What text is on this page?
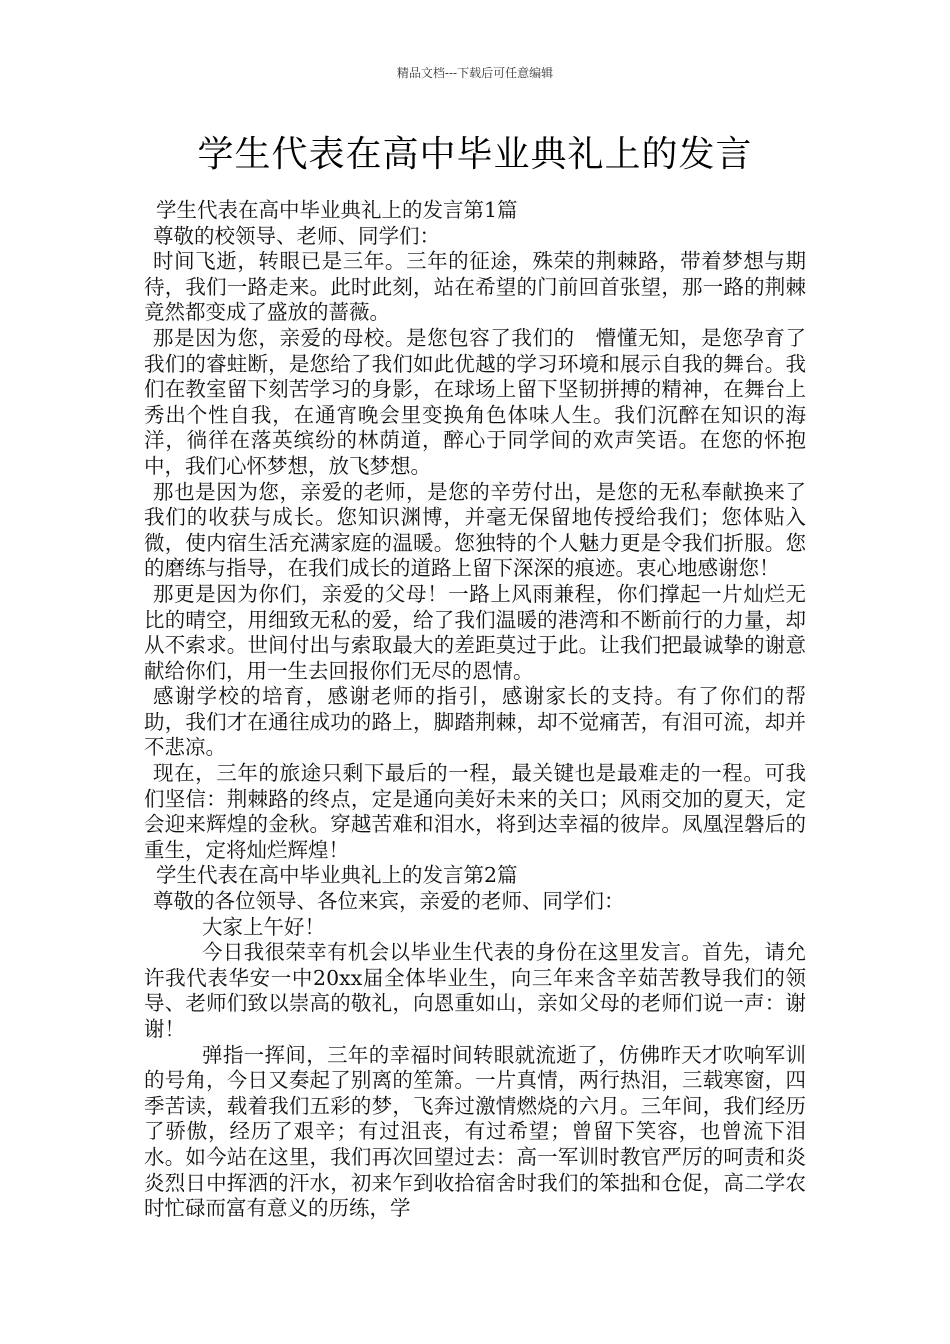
精品文档---下载后可任意编辑
学生代表在高中毕业典礼上的发言

学生代表在高中毕业典礼上的发言第1篇

尊敬的校领导、老师、同学们：

时间飞逝，转眼已是三年。三年的征途，殊荣的荆棘路，带着梦想与期待，我们一路走来。此时此刻，站在希望的门前回首张望，那一路的荆棘竟然都变成了盛放的蔷薇。

那是因为您，亲爱的母校。是您包容了我们的　懵懂无知，是您孕育了我们的睿蛀断，是您给了我们如此优越的学习环境和展示自我的舞台。我们在教室留下刻苦学习的身影，在球场上留下坚韧拼搏的精神，在舞台上秀出个性自我，在通宵晚会里变换角色体味人生。我们沉醉在知识的海洋，徜徉在落英缤纷的林荫道，醉心于同学间的欢声笑语。在您的怀抱中，我们心怀梦想，放飞梦想。

那也是因为您，亲爱的老师，是您的辛劳付出，是您的无私奉献换来了我们的收获与成长。您知识渊博，并毫无保留地传授给我们；您体贴入微，使内宿生活充满家庭的温暖。您独特的个人魅力更是令我们折服。您的磨练与指导，在我们成长的道路上留下深深的痕迹。衷心地感谢您！

那更是因为你们，亲爱的父母！一路上风雨兼程，你们撑起一片灿烂无比的晴空，用细致无私的爱，给了我们温暖的港湾和不断前行的力量，却从不索求。世间付出与索取最大的差距莫过于此。让我们把最诚挚的谢意献给你们，用一生去回报你们无尽的恩情。

感谢学校的培育，感谢老师的指引，感谢家长的支持。有了你们的帮助，我们才在通往成功的路上，脚踏荆棘，却不觉痛苦，有泪可流，却并不悲凉。

现在，三年的旅途只剩下最后的一程，最关键也是最难走的一程。可我们坚信：荆棘路的终点，定是通向美好未来的关口；风雨交加的夏天，定会迎来辉煌的金秋。穿越苦难和泪水，将到达幸福的彼岸。凤凰涅磐后的重生，定将灿烂辉煌！

学生代表在高中毕业典礼上的发言第2篇

尊敬的各位领导、各位来宾，亲爱的老师、同学们：

大家上午好！

今日我很荣幸有机会以毕业生代表的身份在这里发言。首先，请允许我代表华安一中20xx届全体毕业生，向三年来含辛茹苦教导我们的领导、老师们致以崇高的敬礼，向恩重如山，亲如父母的老师们说一声：谢谢！

弹指一挥间，三年的幸福时间转眼就流逝了，仿佛昨天才吹响军训的号角，今日又奏起了别离的笙箫。一片真情，两行热泪，三载寒窗，四季苦读，载着我们五彩的梦，飞奔过激情燃烧的六月。三年间，我们经历了骄傲，经历了艰辛；有过沮丧，有过希望；曾留下笑容，也曾流下泪水。如今站在这里，我们再次回望过去：高一军训时教官严厉的呵责和炎炎烈日中挥洒的汗水，初来乍到收拾宿舍时我们的笨拙和仓促，高二学农时忙碌而富有意义的历练，学
